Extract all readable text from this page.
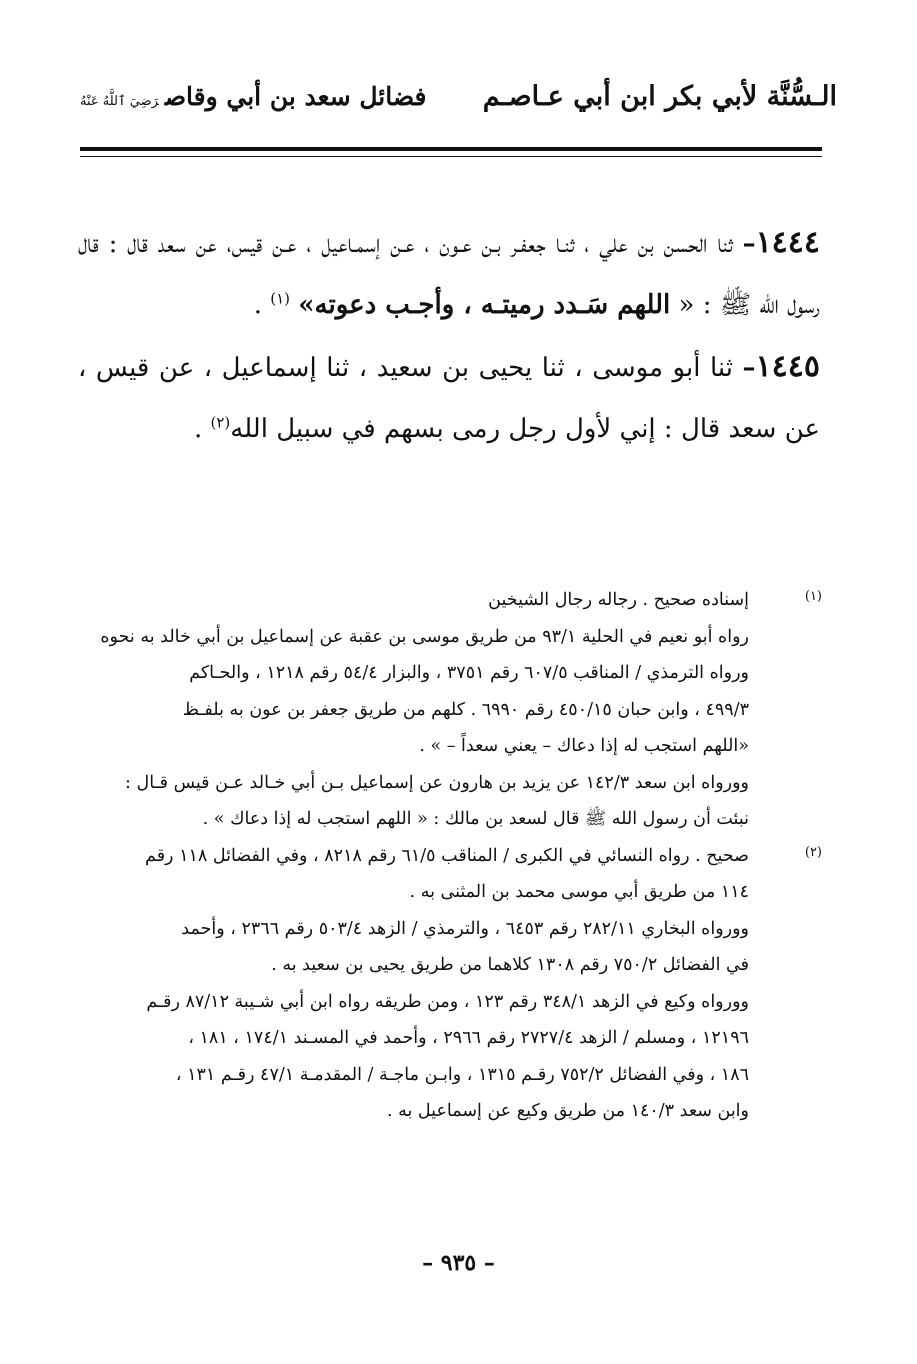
الـسُّنَّة لأبي بكر ابن أبي عـاصـم
فضائل سعد بن أبي وقاصرَضِيَ ٱللَّهُ عَنْهُ

١٤٤٤– ثنا الحسن بن علي ، ثنـا جعفـر بـن عـون ، عـن إسمـاعيل ، عـن قيس، عن سعد قال : قال رسول الله ﷺ : « اللهم سَـدد رميتـه ، وأجـب دعوته» $^{(١)}$ .

١٤٤٥– ثنا أبو موسى ، ثنا يحيى بن سعيد ، ثنا إسماعيل ، عن قيس ، عن سعد قال : إني لأول رجل رمى بسهم في سبيل الله$^{(٢)}$ .

(١)

إسناده صحيح . رجاله رجال الشيخين

رواه أبو نعيم في الحلية ٩٣/١ من طريق موسى بن عقبة عن إسماعيل بن أبي خالد به نحوه

ورواه الترمذي / المناقب ٦٠٧/٥ رقم ٣٧٥١ ، والبزار ٥٤/٤ رقم ١٢١٨ ، والحـاكم

٤٩٩/٣ ، وابن حبان ٤٥٠/١٥ رقم ٦٩٩٠ . كلهم من طريق جعفر بن عون به بلفـظ

«اللهم استجب له إذا دعاك – يعني سعداً – » .

وورواه ابن سعد ١٤٢/٣ عن يزيد بن هارون عن إسماعيل بـن أبي خـالد عـن قيس قـال :

نبئت أن رسول الله ﷺ قال لسعد بن مالك : « اللهم استجب له إذا دعاك » .

(٢)

صحيح . رواه النسائي في الكبرى / المناقب ٦١/٥ رقم ٨٢١٨ ، وفي الفضائل ١١٨ رقم

١١٤ من طريق أبي موسى محمد بن المثنى به .

وورواه البخاري ٢٨٢/١١ رقم ٦٤٥٣ ، والترمذي / الزهد ٥٠٣/٤ رقم ٢٣٦٦ ، وأحمد

في الفضائل ٧٥٠/٢ رقم ١٣٠٨ كلاهما من طريق يحيى بن سعيد به .

وورواه وكيع في الزهد ٣٤٨/١ رقم ١٢٣ ، ومن طريقه رواه ابن أبي شـيبة ٨٧/١٢ رقـم

١٢١٩٦ ، ومسلم / الزهد ٢٧٢٧/٤ رقم ٢٩٦٦ ، وأحمد في المسـند ١٧٤/١ ، ١٨١ ،

١٨٦ ، وفي الفضائل ٧٥٢/٢ رقـم ١٣١٥ ، وابـن ماجـة / المقدمـة ٤٧/١ رقـم ١٣١ ،

وابن سعد ١٤٠/٣ من طريق وكيع عن إسماعيل به .

– ٩٣٥ –
